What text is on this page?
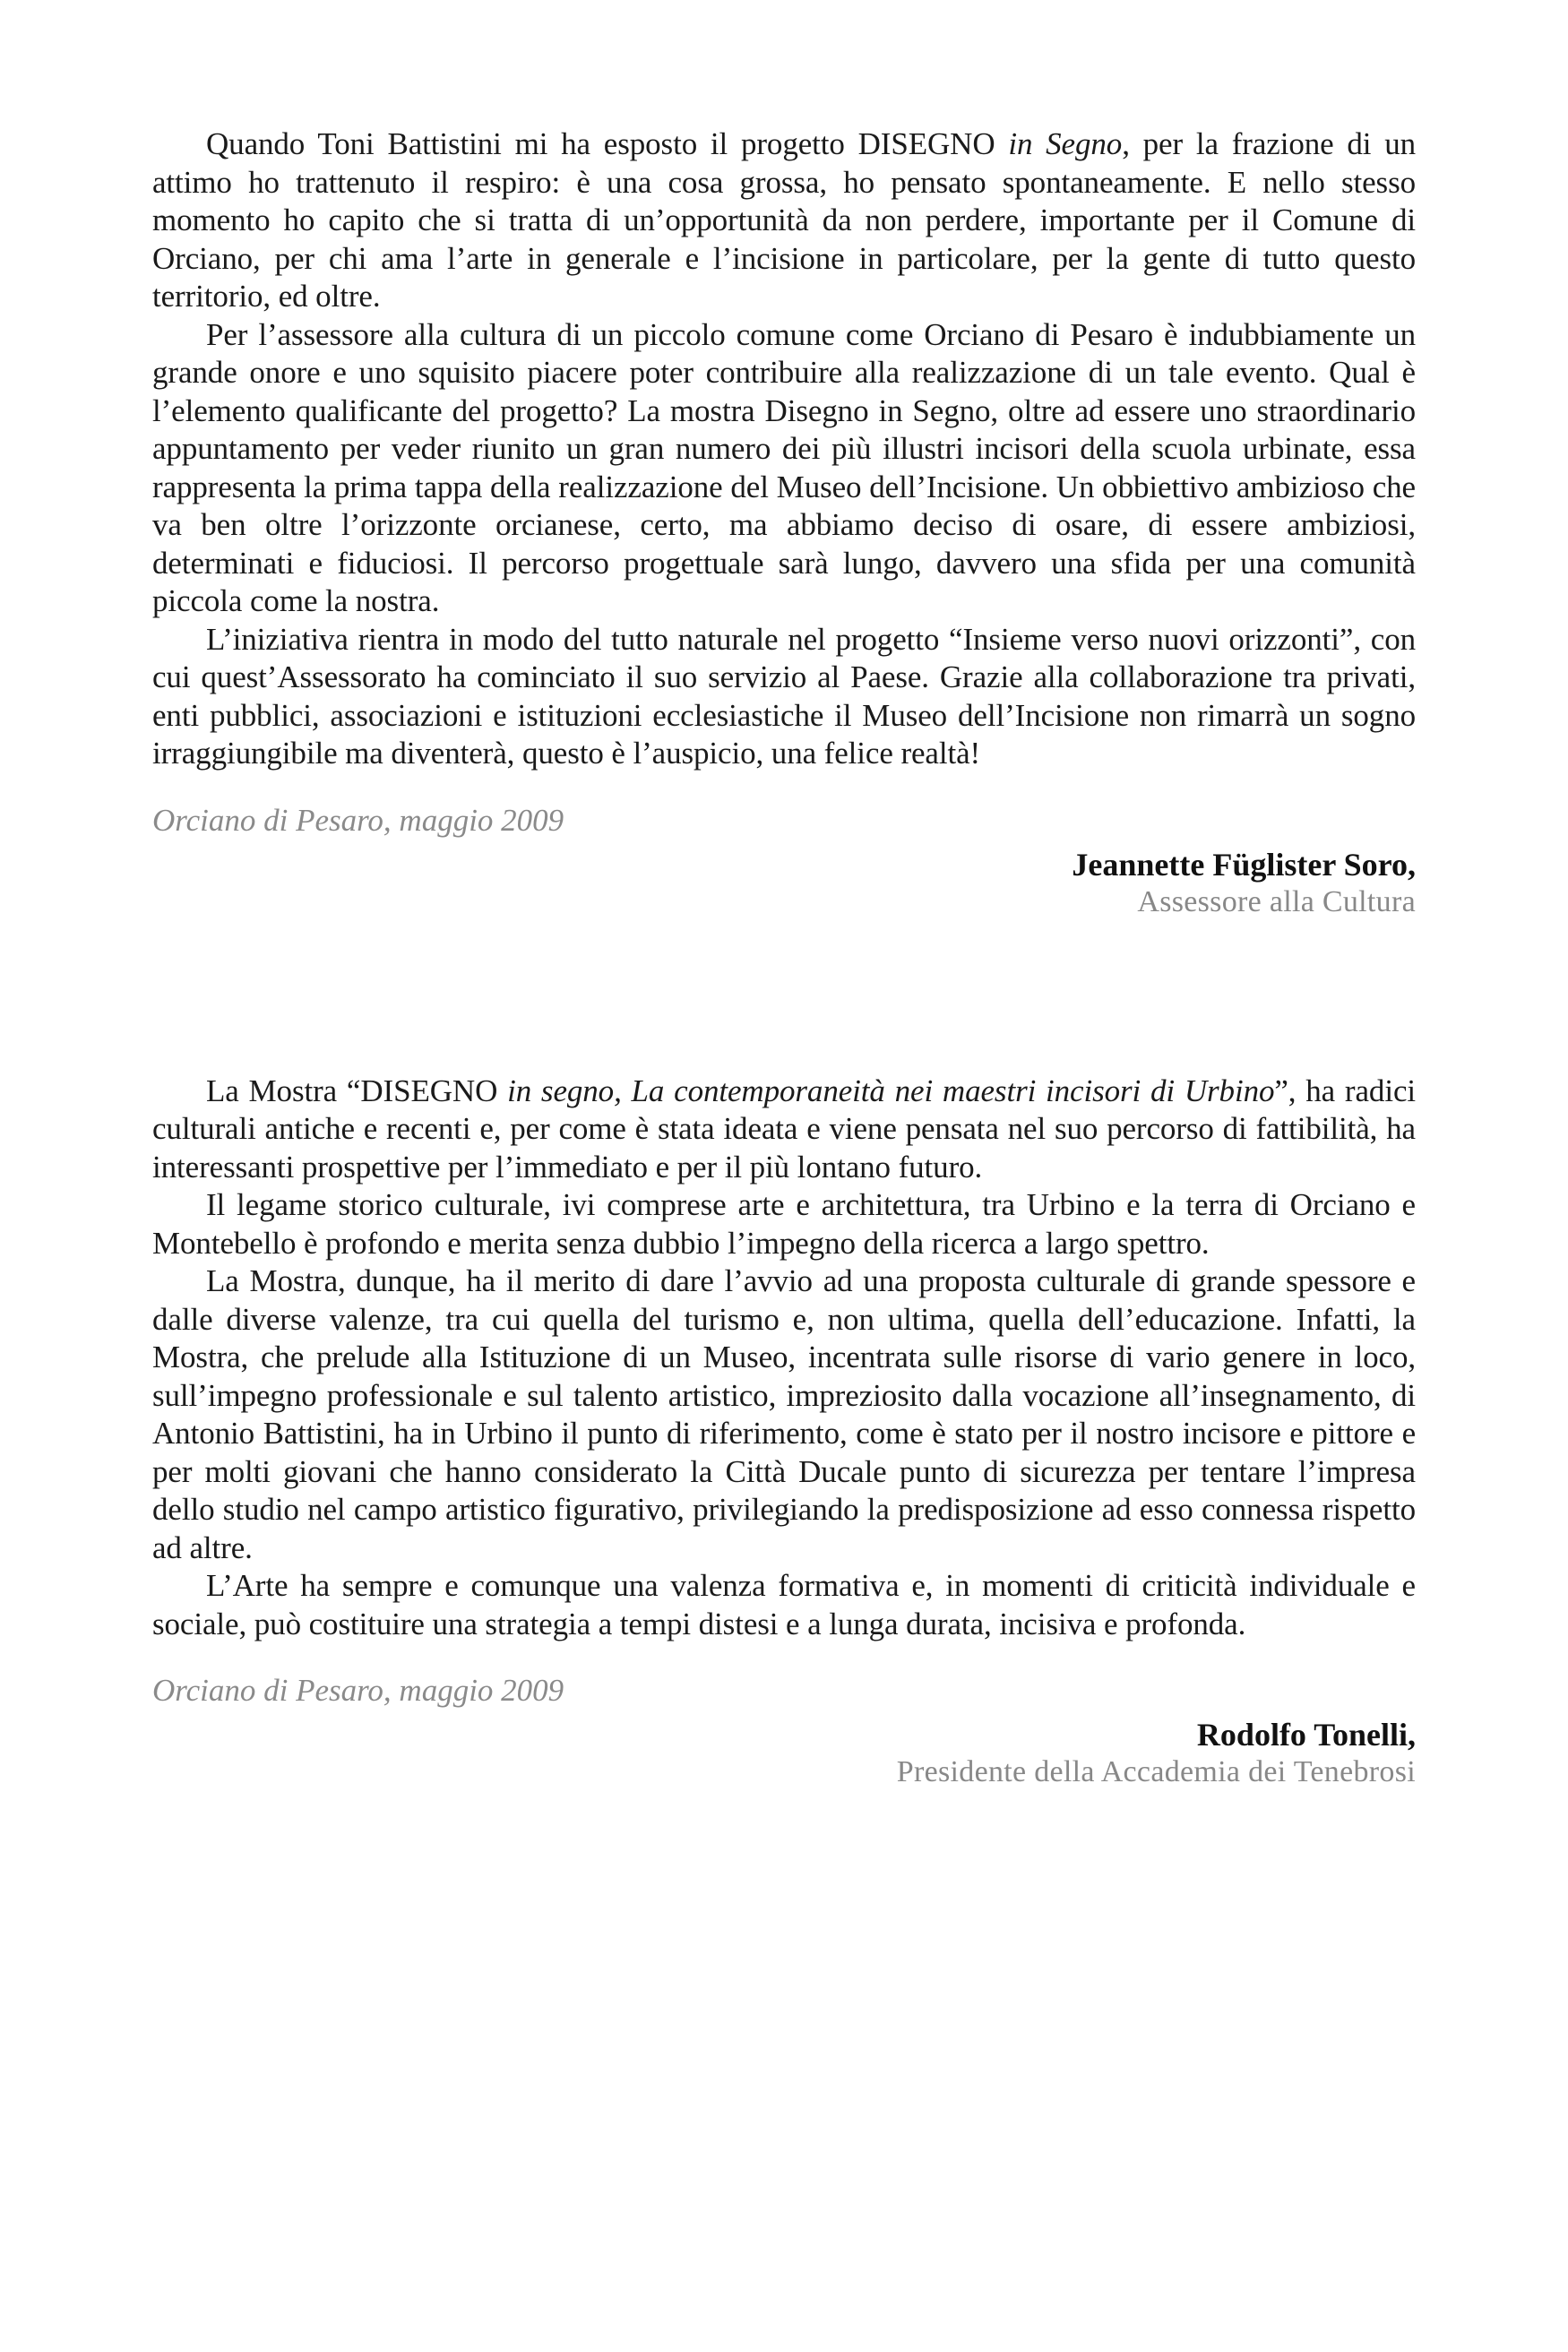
Quando Toni Battistini mi ha esposto il progetto DISEGNO in Segno, per la frazione di un attimo ho trattenuto il respiro: è una cosa grossa, ho pensato spontaneamente. E nello stesso momento ho capito che si tratta di un’opportunità da non perdere, importante per il Comune di Orciano, per chi ama l’arte in generale e l’incisione in particolare, per la gente di tutto questo territorio, ed oltre.

Per l’assessore alla cultura di un piccolo comune come Orciano di Pesaro è indubbiamente un grande onore e uno squisito piacere poter contribuire alla realizzazione di un tale evento. Qual è l’elemento qualificante del progetto? La mostra Disegno in Segno, oltre ad essere uno straordinario appuntamento per veder riunito un gran numero dei più illustri incisori della scuola urbinate, essa rappresenta la prima tappa della realizzazione del Museo dell’Incisione. Un obbiettivo ambizioso che va ben oltre l’orizzonte orcianese, certo, ma abbiamo deciso di osare, di essere ambiziosi, determinati e fiduciosi. Il percorso progettuale sarà lungo, davvero una sfida per una comunità piccola come la nostra.

L’iniziativa rientra in modo del tutto naturale nel progetto “Insieme verso nuovi orizzonti”, con cui quest’Assessorato ha cominciato il suo servizio al Paese. Grazie alla collaborazione tra privati, enti pubblici, associazioni e istituzioni ecclesiastiche il Museo dell’Incisione non rimarrà un sogno irraggiungibile ma diventerà, questo è l’auspicio, una felice realtà!

Orciano di Pesaro, maggio 2009
Jeannette Füglister Soro,
Assessore alla Cultura

La Mostra “DISEGNO in segno, La contemporaneità nei maestri incisori di Urbino”, ha radici culturali antiche e recenti e, per come è stata ideata e viene pensata nel suo percorso di fattibilità, ha interessanti prospettive per l’immediato e per il più lontano futuro.

Il legame storico culturale, ivi comprese arte e architettura, tra Urbino e la terra di Orciano e Montebello è profondo e merita senza dubbio l’impegno della ricerca a largo spettro.

La Mostra, dunque, ha il merito di dare l’avvio ad una proposta culturale di grande spessore e dalle diverse valenze, tra cui quella del turismo e, non ultima, quella dell’educazione. Infatti, la Mostra, che prelude alla Istituzione di un Museo, incentrata sulle risorse di vario genere in loco, sull’impegno professionale e sul talento artistico, impreziosito dalla vocazione all’insegnamento, di Antonio Battistini, ha in Urbino il punto di riferimento, come è stato per il nostro incisore e pittore e per molti giovani che hanno considerato la Città Ducale punto di sicurezza per tentare l’impresa dello studio nel campo artistico figurativo, privilegiando la predisposizione ad esso connessa rispetto ad altre.

L’Arte ha sempre e comunque una valenza formativa e, in momenti di criticità individuale e sociale, può costituire una strategia a tempi distesi e a lunga durata, incisiva e profonda.

Orciano di Pesaro, maggio 2009
Rodolfo Tonelli,
Presidente della Accademia dei Tenebrosi
